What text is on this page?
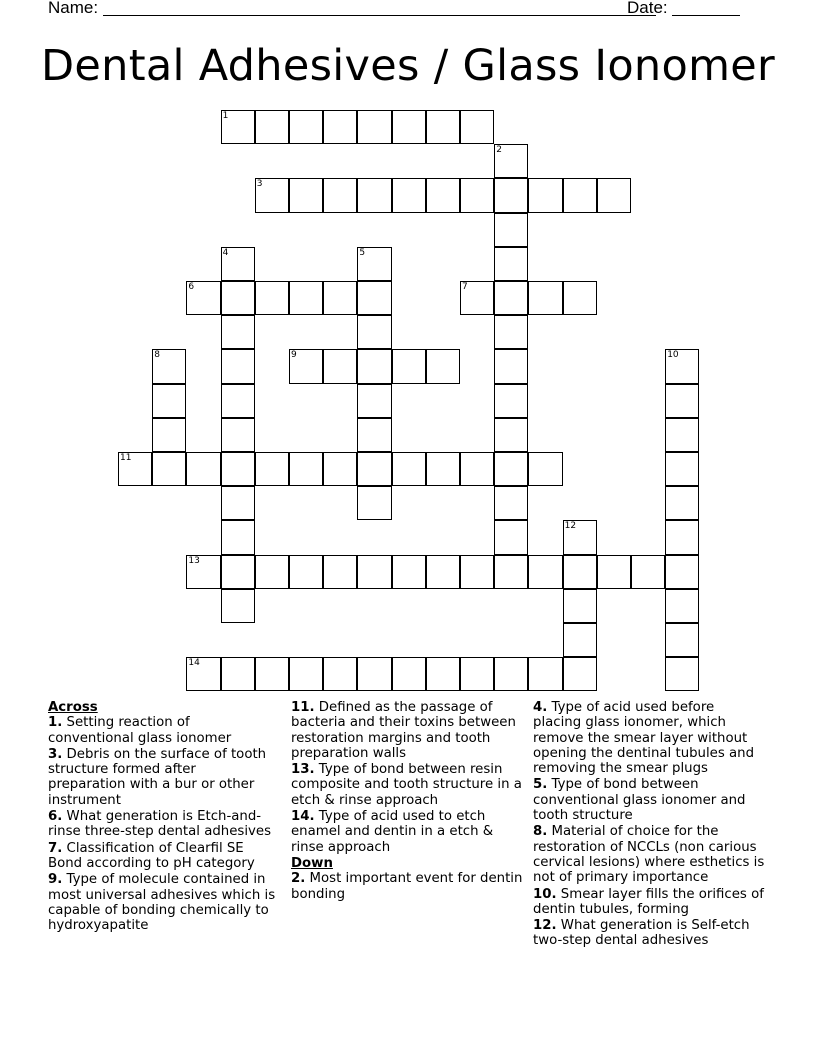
Name:	Date:
Dental Adhesives / Glass Ionomer
1
3
6	7
9
11
13
14
2
4	5
8	10
12
Across
1. Setting reaction of conventional glass ionomer
3. Debris on the surface of tooth structure formed after preparation with a bur or other instrument
6. What generation is Etch-and-rinse three-step dental adhesives
7. Classification of Clearfil SE Bond according to pH category
9. Type of molecule contained in most universal adhesives which is capable of bonding chemically to hydroxyapatite
11. Defined as the passage of bacteria and their toxins between restoration margins and tooth preparation walls
13. Type of bond between resin composite and tooth structure in a etch & rinse approach
14. Type of acid used to etch enamel and dentin in a etch & rinse approach
Down
2. Most important event for dentin bonding
4. Type of acid used before placing glass ionomer, which remove the smear layer without opening the dentinal tubules and removing the smear plugs
5. Type of bond between conventional glass ionomer and tooth structure
8. Material of choice for the restoration of NCCLs (non carious cervical lesions) where esthetics is not of primary importance
10. Smear layer fills the orifices of dentin tubules, forming
12. What generation is Self-etch two-step dental adhesives
